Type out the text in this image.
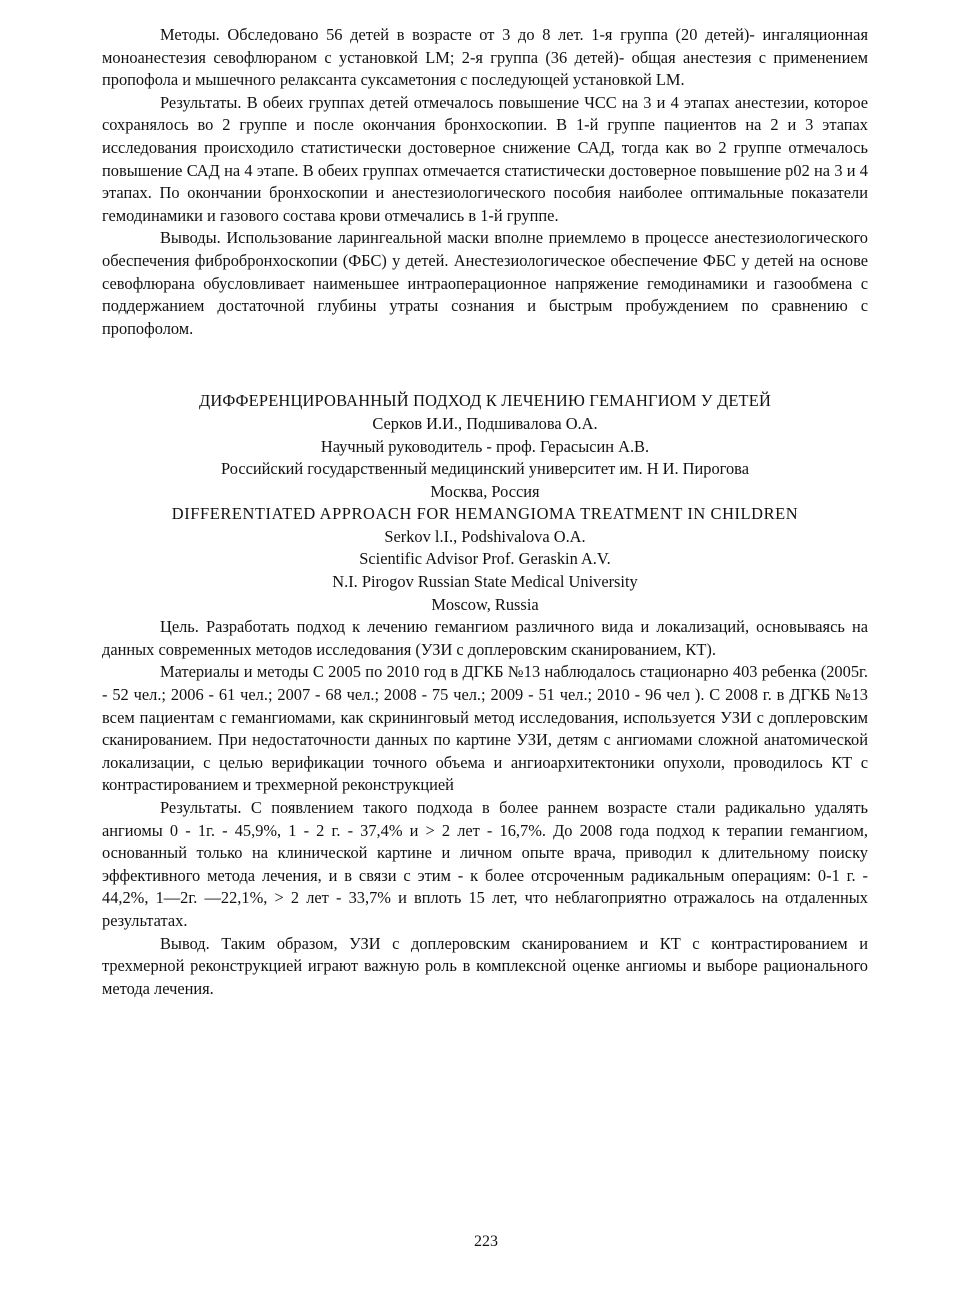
Методы. Обследовано 56 детей в возрасте от 3 до 8 лет. 1-я группа (20 детей)- ингаляционная моноанестезия севофлюраном с установкой LM; 2-я группа (36 детей)- общая анестезия с применением пропофола и мышечного релаксанта суксаметония с последующей установкой LM.

Результаты. В обеих группах детей отмечалось повышение ЧСС на 3 и 4 этапах анестезии, которое сохранялось во 2 группе и после окончания бронхоскопии. В 1-й группе пациентов на 2 и 3 этапах исследования происходило статистически достоверное снижение САД, тогда как во 2 группе отмечалось повышение САД на 4 этапе. В обеих группах отмечается статистически достоверное повышение р02 на 3 и 4 этапах. По окончании бронхоскопии и анестезиологического пособия наиболее оптимальные показатели гемодинамики и газового состава крови отмечались в 1-й группе.

Выводы. Использование ларингеальной маски вполне приемлемо в процессе анестезиологического обеспечения фибробронхоскопии (ФБС) у детей. Анестезиологическое обеспечение ФБС у детей на основе севофлюрана обусловливает наименьшее интраоперационное напряжение гемодинамики и газообмена с поддержанием достаточной глубины утраты сознания и быстрым пробуждением по сравнению с пропофолом.

ДИФФЕРЕНЦИРОВАННЫЙ ПОДХОД К ЛЕЧЕНИЮ ГЕМАНГИОМ У ДЕТЕЙ

Серков И.И., Подшивалова О.А.

Научный руководитель - проф. Герасысин А.В.

Российский государственный медицинский университет им. Н И. Пирогова

Москва, Россия

DIFFERENTIATED APPROACH FOR HEMANGIOMA TREATMENT IN CHILDREN

Serkov l.I., Podshivalova O.A.

Scientific Advisor Prof. Geraskin A.V.

N.I. Pirogov Russian State Medical University

Moscow, Russia

Цель. Разработать подход к лечению гемангиом различного вида и локализаций, основываясь на данных современных методов исследования (УЗИ с доплеровским сканированием, КТ).

Материалы и методы С 2005 по 2010 год в ДГКБ №13 наблюдалось стационарно 403 ребенка (2005г. - 52 чел.; 2006 - 61 чел.; 2007 - 68 чел.; 2008 - 75 чел.; 2009 - 51 чел.; 2010 - 96 чел ). С 2008 г. в ДГКБ №13 всем пациентам с гемангиомами, как скрининговый метод исследования, используется УЗИ с доплеровским сканированием. При недостаточности данных по картине УЗИ, детям с ангиомами сложной анатомической локализации, с целью верификации точного объема и ангиоархитектоники опухоли, проводилось КТ с контрастированием и трехмерной реконструкцией

Результаты. С появлением такого подхода в более раннем возрасте стали радикально удалять ангиомы 0 - 1г. - 45,9%, 1 - 2 г. - 37,4% и > 2 лет - 16,7%. До 2008 года подход к терапии гемангиом, основанный только на клинической картине и личном опыте врача, приводил к длительному поиску эффективного метода лечения, и в связи с этим - к более отсроченным радикальным операциям: 0-1 г. - 44,2%, 1—2г. —22,1%, > 2 лет - 33,7% и вплоть 15 лет, что неблагоприятно отражалось на отдаленных результатах.

Вывод. Таким образом, УЗИ с доплеровским сканированием и КТ с контрастированием и трехмерной реконструкцией играют важную роль в комплексной оценке ангиомы и выборе рационального метода лечения.

223
